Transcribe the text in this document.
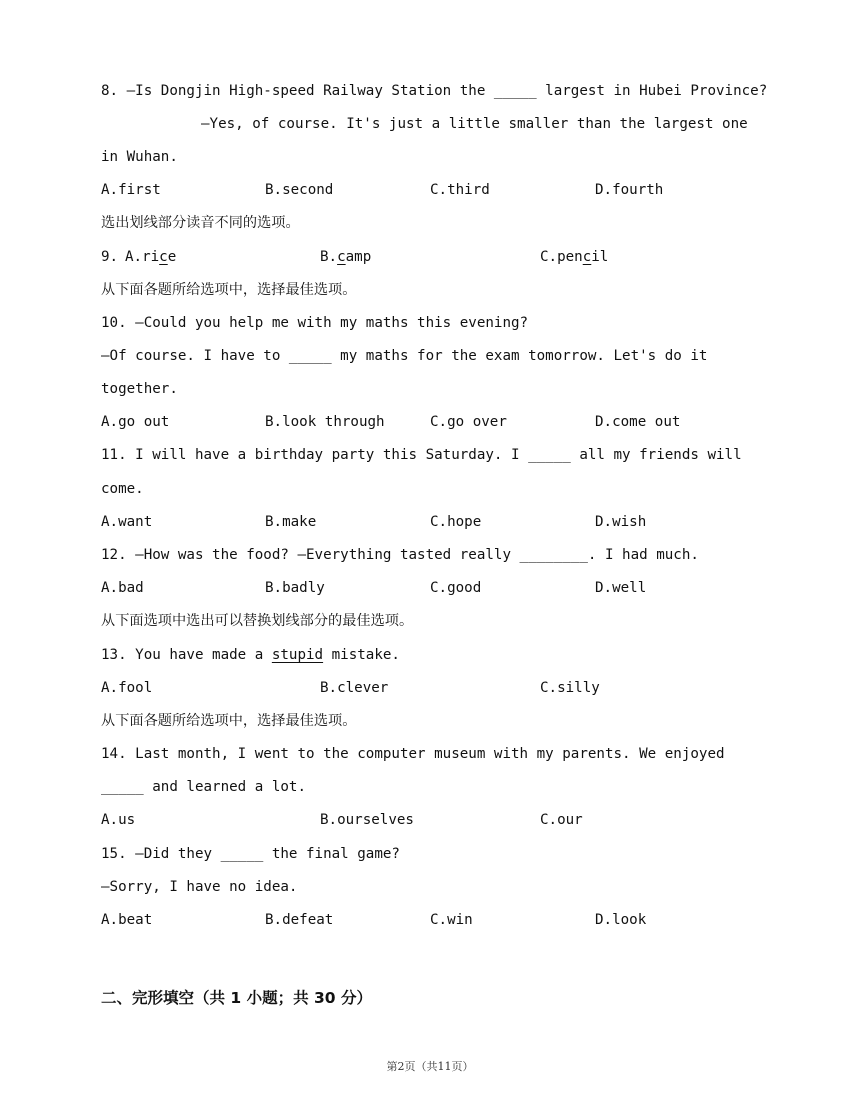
8. —Is Dongjin High-speed Railway Station the _____ largest in Hubei Province?
—Yes, of course. It's just a little smaller than the largest one
in Wuhan.
A.first	B.second	C.third	D.fourth
选出划线部分读音不同的选项。
9.
A.rice	B.camp	C.pencil
从下面各题所给选项中，选择最佳选项。
10. —Could you help me with my maths this evening?
—Of course. I have to _____ my maths for the exam tomorrow. Let's do it
together.
A.go out	B.look through	C.go over	D.come out
11. I will have a birthday party this Saturday. I _____ all my friends will
come.
A.want	B.make	C.hope	D.wish
12. —How was the food? —Everything tasted really ________. I had much.
A.bad	B.badly	C.good	D.well
从下面选项中选出可以替换划线部分的最佳选项。
13. You have made a stupid mistake.
A.fool	B.clever	C.silly
从下面各题所给选项中，选择最佳选项。
14. Last month, I went to the computer museum with my parents. We enjoyed
_____ and learned a lot.
A.us	B.ourselves	C.our
15. —Did they _____ the final game?
—Sorry, I have no idea.
A.beat	B.defeat	C.win	D.look
二、完形填空（共 1 小题；共 30 分）
第2页（共11页）
